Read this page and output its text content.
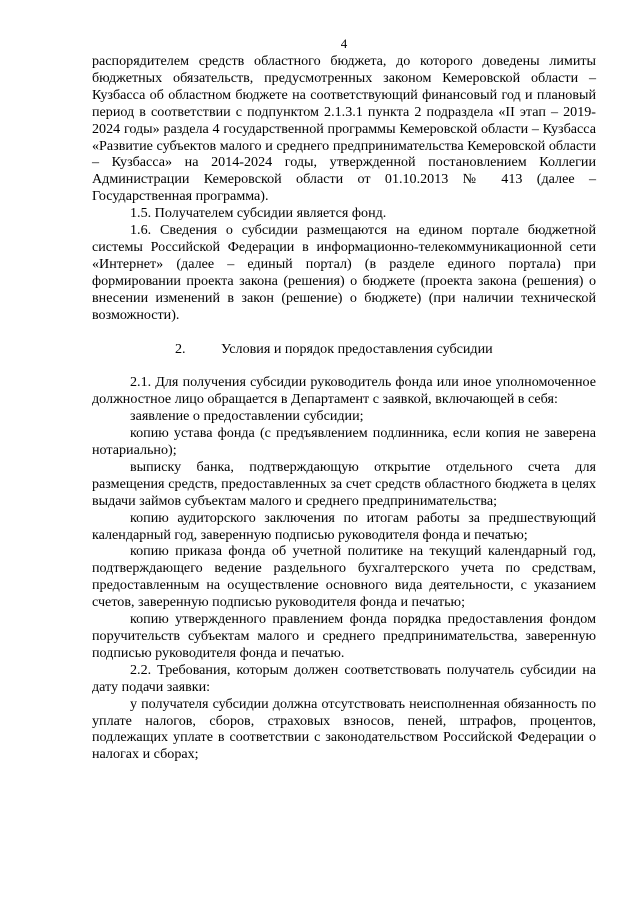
4

распорядителем средств областного бюджета, до которого доведены лимиты бюджетных обязательств, предусмотренных законом Кемеровской области – Кузбасса об областном бюджете на соответствующий финансовый год и плановый период в соответствии с подпунктом 2.1.3.1 пункта 2 подраздела «II этап – 2019-2024 годы» раздела 4 государственной программы Кемеровской области – Кузбасса «Развитие субъектов малого и среднего предпринимательства Кемеровской области – Кузбасса» на 2014-2024 годы, утвержденной постановлением Коллегии Администрации Кемеровской области от 01.10.2013 № 413 (далее – Государственная программа).

1.5. Получателем субсидии является фонд.

1.6. Сведения о субсидии размещаются на едином портале бюджетной системы Российской Федерации в информационно-телекоммуникационной сети «Интернет» (далее – единый портал) (в разделе единого портала) при формировании проекта закона (решения) о бюджете (проекта закона (решения) о внесении изменений в закон (решение) о бюджете) (при наличии технической возможности).

2.	Условия и порядок предоставления субсидии

2.1. Для получения субсидии руководитель фонда или иное уполномоченное должностное лицо обращается в Департамент с заявкой, включающей в себя:

заявление о предоставлении субсидии;

копию устава фонда (с предъявлением подлинника, если копия не заверена нотариально);

выписку банка, подтверждающую открытие отдельного счета для размещения средств, предоставленных за счет средств областного бюджета в целях выдачи займов субъектам малого и среднего предпринимательства;

копию аудиторского заключения по итогам работы за предшествующий календарный год, заверенную подписью руководителя фонда и печатью;

копию приказа фонда об учетной политике на текущий календарный год, подтверждающего ведение раздельного бухгалтерского учета по средствам, предоставленным на осуществление основного вида деятельности, с указанием счетов, заверенную подписью руководителя фонда и печатью;

копию утвержденного правлением фонда порядка предоставления фондом поручительств субъектам малого и среднего предпринимательства, заверенную подписью руководителя фонда и печатью.

2.2. Требования, которым должен соответствовать получатель субсидии на дату подачи заявки:

у получателя субсидии должна отсутствовать неисполненная обязанность по уплате налогов, сборов, страховых взносов, пеней, штрафов, процентов, подлежащих уплате в соответствии с законодательством Российской Федерации о налогах и сборах;
